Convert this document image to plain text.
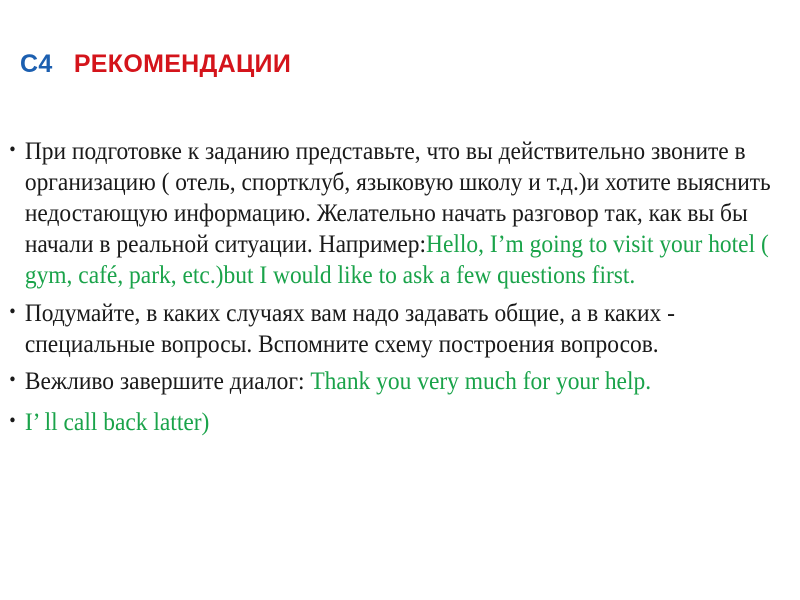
C4 РЕКОМЕНДАЦИИ
• При подготовке к заданию представьте, что вы действительно звоните в организацию ( отель, спортклуб, языковую школу и т.д.)и хотите выяснить недостающую информацию. Желательно начать разговор так, как вы бы начали в реальной ситуации. Например:Hello, I’m going to visit your hotel ( gym, café, park, etc.)but I would like to ask a few questions first.
• Подумайте, в каких случаях вам надо задавать общие, а в каких - специальные вопросы. Вспомните схему построения вопросов.
• Вежливо завершите диалог: Thank you very much for your help.
• I’ ll call back latter)
